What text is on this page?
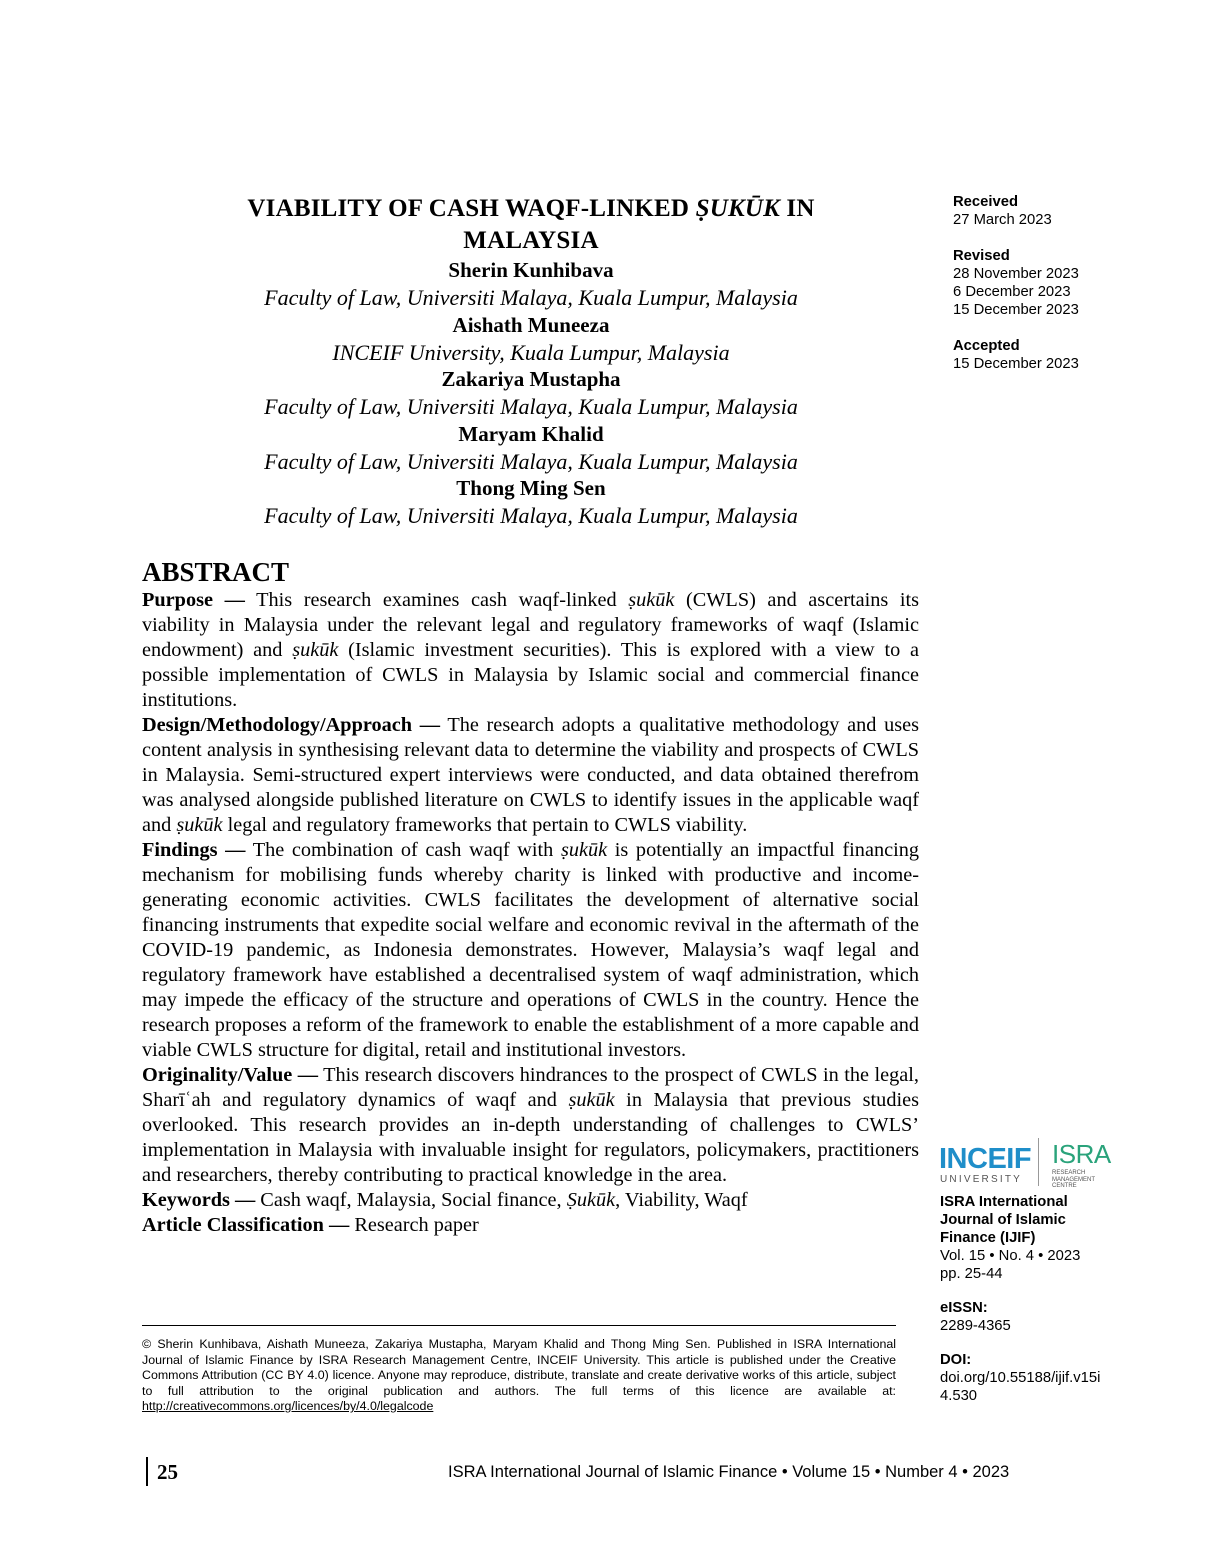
VIABILITY OF CASH WAQF-LINKED ṢUKŪK IN
MALAYSIA

Sherin Kunhibava

Faculty of Law, Universiti Malaya, Kuala Lumpur, Malaysia

Aishath Muneeza

INCEIF University, Kuala Lumpur, Malaysia

Zakariya Mustapha

Faculty of Law, Universiti Malaya, Kuala Lumpur, Malaysia

Maryam Khalid

Faculty of Law, Universiti Malaya, Kuala Lumpur, Malaysia

Thong Ming Sen

Faculty of Law, Universiti Malaya, Kuala Lumpur, Malaysia

ABSTRACT

Purpose — This research examines cash waqf-linked ṣukūk (CWLS) and ascertains its viability in Malaysia under the relevant legal and regulatory frameworks of waqf (Islamic endowment) and ṣukūk (Islamic investment securities). This is explored with a view to a possible implementation of CWLS in Malaysia by Islamic social and commercial finance institutions.

Design/Methodology/Approach — The research adopts a qualitative methodology and uses content analysis in synthesising relevant data to determine the viability and prospects of CWLS in Malaysia. Semi-structured expert interviews were conducted, and data obtained therefrom was analysed alongside published literature on CWLS to identify issues in the applicable waqf and ṣukūk legal and regulatory frameworks that pertain to CWLS viability.

Findings — The combination of cash waqf with ṣukūk is potentially an impactful financing mechanism for mobilising funds whereby charity is linked with productive and income-generating economic activities. CWLS facilitates the development of alternative social financing instruments that expedite social welfare and economic revival in the aftermath of the COVID-19 pandemic, as Indonesia demonstrates. However, Malaysia’s waqf legal and regulatory framework have established a decentralised system of waqf administration, which may impede the efficacy of the structure and operations of CWLS in the country. Hence the research proposes a reform of the framework to enable the establishment of a more capable and viable CWLS structure for digital, retail and institutional investors.

Originality/Value — This research discovers hindrances to the prospect of CWLS in the legal, Sharīʿah and regulatory dynamics of waqf and ṣukūk in Malaysia that previous studies overlooked. This research provides an in-depth understanding of challenges to CWLS’ implementation in Malaysia with invaluable insight for regulators, policymakers, practitioners and researchers, thereby contributing to practical knowledge in the area.

Keywords — Cash waqf, Malaysia, Social finance, Ṣukūk, Viability, Waqf

Article Classification — Research paper

© Sherin Kunhibava, Aishath Muneeza, Zakariya Mustapha, Maryam Khalid and Thong Ming Sen. Published in ISRA International Journal of Islamic Finance by ISRA Research Management Centre, INCEIF University. This article is published under the Creative Commons Attribution (CC BY 4.0) licence. Anyone may reproduce, distribute, translate and create derivative works of this article, subject to full attribution to the original publication and authors. The full terms of this licence are available at: http://creativecommons.org/licences/by/4.0/legalcode

Received

27 March 2023

Revised

28 November 2023

6 December 2023

15 December 2023

Accepted

15 December 2023

INCEIF
UNIVERSITY
ISRA
RESEARCH
MANAGEMENT
CENTRE

ISRA International

Journal of Islamic

Finance (IJIF)

Vol. 15 • No. 4 • 2023

pp. 25-44

eISSN:

2289-4365

DOI:

doi.org/10.55188/ijif.v15i

4.530

25	ISRA International Journal of Islamic Finance • Volume 15 • Number 4 • 2023
